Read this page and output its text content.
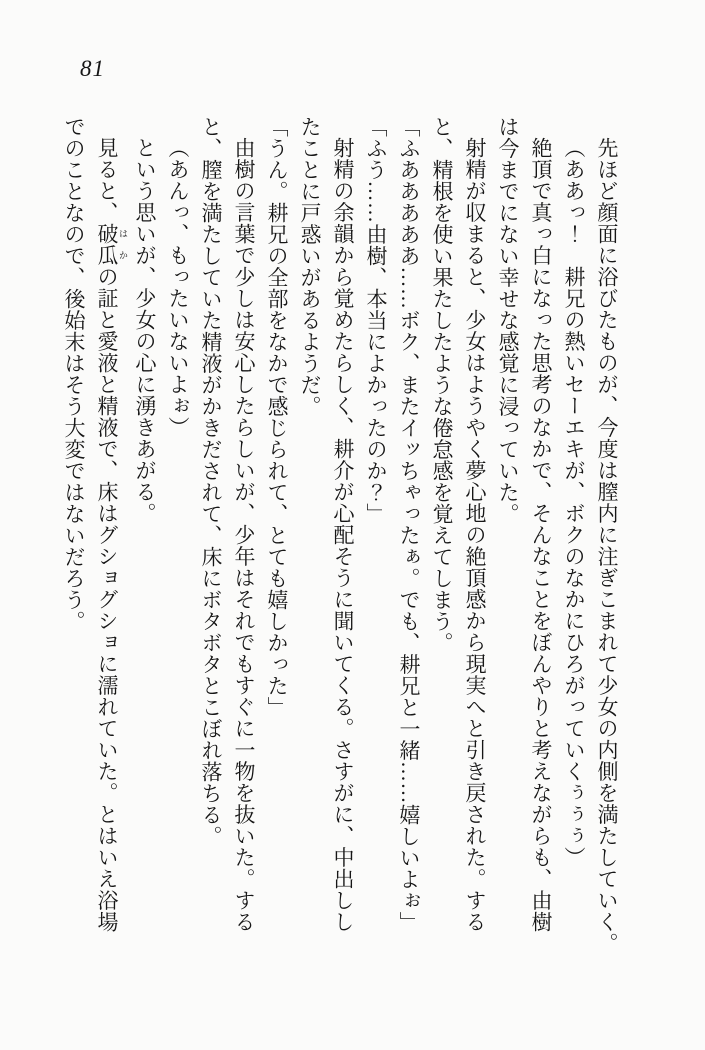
81

先ほど顔面に浴びたものが、今度は膣内に注ぎこまれて少女の内側を満たしていく。

（ああっ！　耕兄の熱いセーエキが、ボクのなかにひろがっていくぅぅぅ）

絶頂で真っ白になった思考のなかで、そんなことをぼんやりと考えながらも、由樹

は今までにない幸せな感覚に浸っていた。

射精が収まると、少女はようやく夢心地の絶頂感から現実へと引き戻された。する

と、精根を使い果たしたような倦怠感を覚えてしまう。

「ふあああああ……ボク、またイッちゃったぁ。でも、耕兄と一緒……嬉しいよぉ」

「ふう……由樹、本当によかったのか？」

射精の余韻から覚めたらしく、耕介が心配そうに聞いてくる。さすがに、中出しし

たことに戸惑いがあるようだ。

「うん。耕兄の全部をなかで感じられて、とても嬉しかった」

由樹の言葉で少しは安心したらしいが、少年はそれでもすぐに一物を抜いた。する

と、膣を満たしていた精液がかきだされて、床にボタボタとこぼれ落ちる。

（あんっ、もったいないよぉ）

という思いが、少女の心に湧きあがる。

見ると、破瓜 はかの証と愛液と精液で、床はグショグショに濡れていた。とはいえ浴場

でのことなので、後始末はそう大変ではないだろう。
